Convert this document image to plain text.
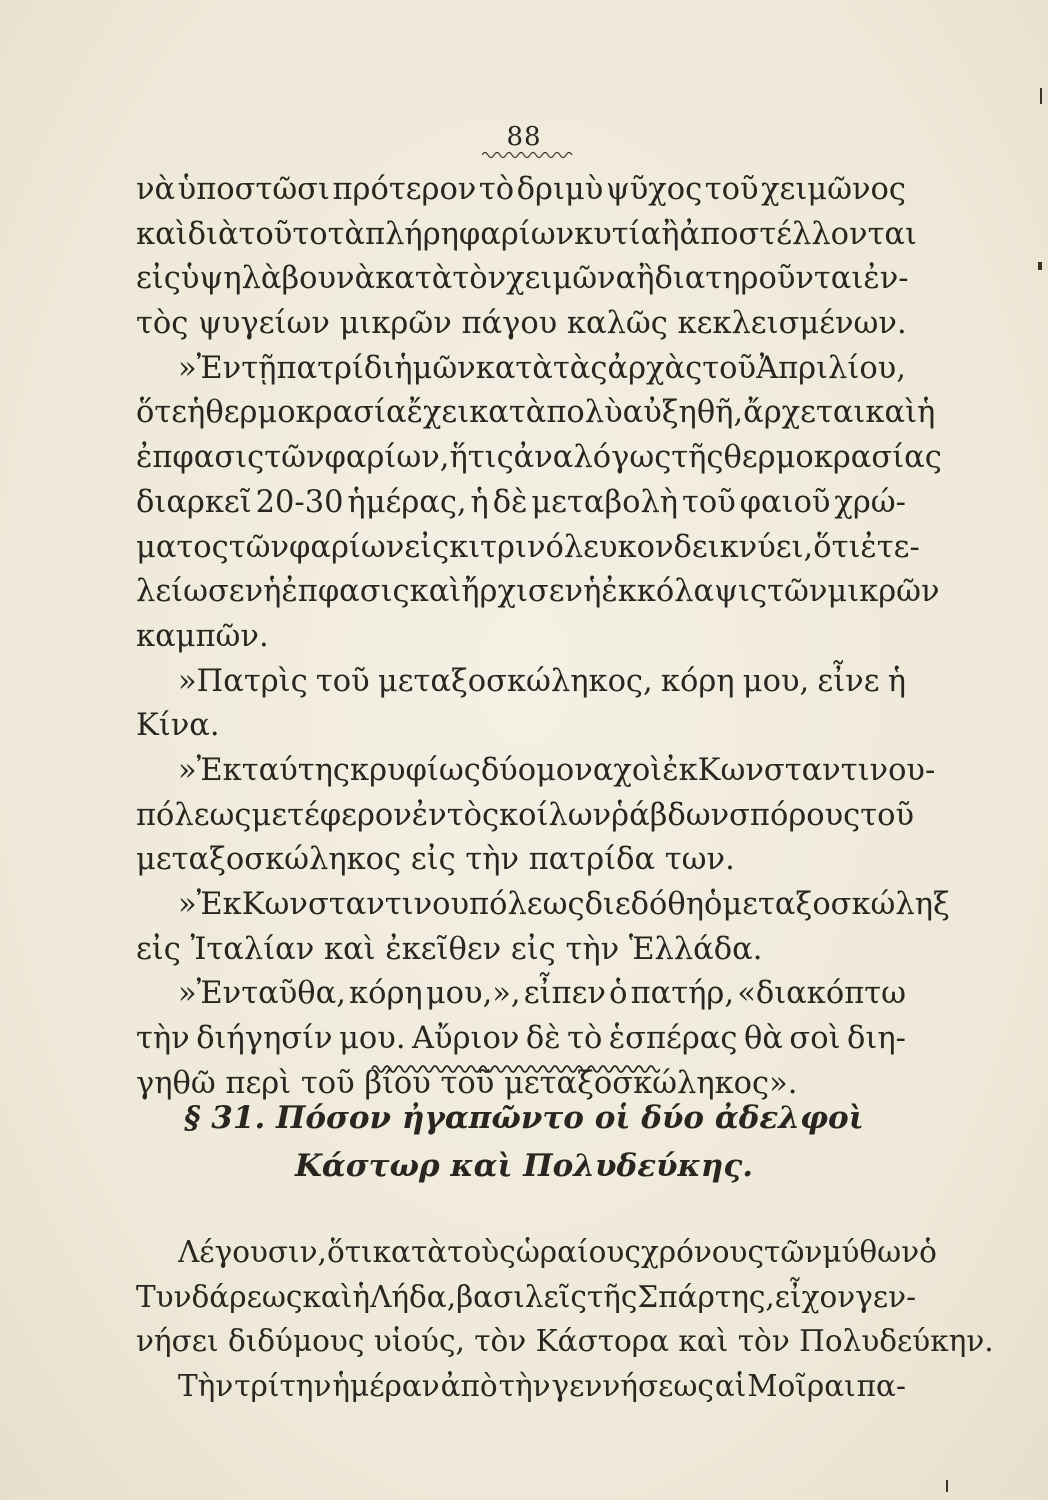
88
νὰ ὑποστῶσι πρότερον τὸ δριμὺ ψῦχος τοῦ χειμῶνος
καὶ διὰ τοῦτο τὰ πλήρη φαρίων κυτία ἢ ἀποστέλλονται
εἰς ὑψηλὰ βουνὰ κατὰ τὸν χειμῶνα ἢ διατηροῦνται ἐν-
τὸς ψυγείων μικρῶν πάγου καλῶς κεκλεισμένων.
»Ἐν τῇ πατρίδι ἡμῶν κατὰ τὰς ἀρχὰς τοῦ Ἀπριλίου,
ὅτε ἡ θερμοκρασία ἔχει κατὰ πολὺ αὐξηθῆ, ἄρχεται καὶ ἡ
ἐπφασις τῶν φαρίων, ἥτις ἀναλόγως τῆς θερμοκρασίας
διαρκεῖ 20-30 ἡμέρας, ἡ δὲ μεταβολὴ τοῦ φαιοῦ χρώ-
ματος τῶν φαρίων εἰς κιτρινόλευκον δεικνύει, ὅτι ἐτε-
λείωσεν ἡ ἐπφασις καὶ ἤρχισεν ἡ ἐκκόλαψις τῶν μικρῶν
καμπῶν.
»Πατρὶς τοῦ μεταξοσκώληκος, κόρη μου, εἶνε ἡ
Κίνα.
»Ἐκ ταύτης κρυφίως δύο μοναχοὶ ἐκ Κωνσταντινου-
πόλεως μετέφερον ἐντὸς κοίλων ῥάβδων σπόρους τοῦ
μεταξοσκώληκος εἰς τὴν πατρίδα των.
»Ἐκ Κωνσταντινουπόλεως διεδόθη ὁ μεταξοσκώληξ
εἰς Ἰταλίαν καὶ ἐκεῖθεν εἰς τὴν Ἑλλάδα.
»Ἐνταῦθα, κόρη μου,», εἶπεν ὁ πατήρ, «διακόπτω
τὴν διήγησίν μου. Αὔριον δὲ τὸ ἑσπέρας θὰ σοὶ διη-
γηθῶ περὶ τοῦ βίου τοῦ μεταξοσκώληκος».
§ 31. Πόσον ἠγαπῶντο οἱ δύο ἀδελφοὶ
Κάστωρ καὶ Πολυδεύκης.
Λέγουσιν, ὅτι κατὰ τοὺς ὡραίους χρόνους τῶν μύθων ὁ
Τυνδάρεως καὶ ἡ Λήδα, βασιλεῖς τῆς Σπάρτης, εἶχον γεν-
νήσει διδύμους υἱούς, τὸν Κάστορα καὶ τὸν Πολυδεύκην.
Τὴν τρίτην ἡμέραν ἀπὸ τὴν γεννήσεως αἱ Μοῖραι πα-
